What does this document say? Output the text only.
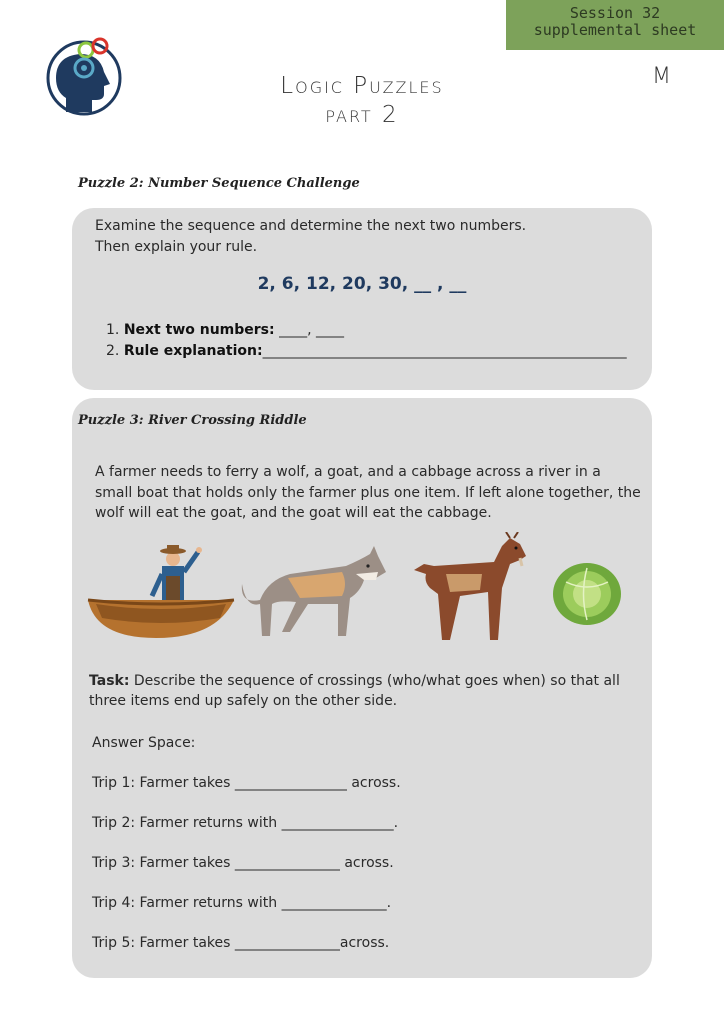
Session 32
supplemental sheet
Logic Puzzles
part 2
M
Puzzle 2: Number Sequence Challenge
Examine the sequence and determine the next two numbers.
Then explain your rule.
2, 6, 12, 20, 30, __ , __
1. Next two numbers: ____, ____
2. Rule explanation:____________________________________________________
Puzzle 3: River Crossing Riddle
A farmer needs to ferry a wolf, a goat, and a cabbage across a river in a
small boat that holds only the farmer plus one item. If left alone together, the
wolf will eat the goat, and the goat will eat the cabbage.
Task: Describe the sequence of crossings (who/what goes when) so that all
three items end up safely on the other side.
Answer Space:
Trip 1: Farmer takes ________________ across.
Trip 2: Farmer returns with ________________.
Trip 3: Farmer takes _______________ across.
Trip 4: Farmer returns with _______________.
Trip 5: Farmer takes _______________across.
